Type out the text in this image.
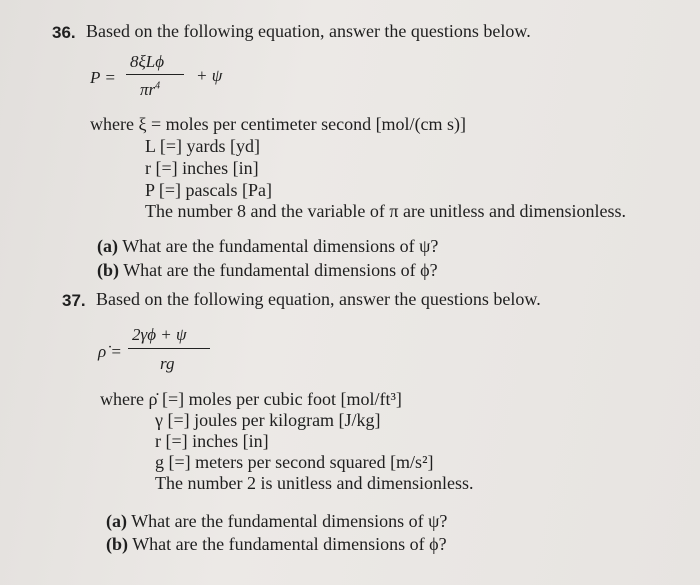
36. Based on the following equation, answer the questions below.
P =
8ξLϕ
$\pi r^4$
+ ψ
where ξ = moles per centimeter second [mol/(cm s)]
L [=] yards [yd]
r [=] inches [in]
P [=] pascals [Pa]
The number 8 and the variable of π are unitless and dimensionless.
(a) What are the fundamental dimensions of ψ?
(b) What are the fundamental dimensions of ϕ?
37. Based on the following equation, answer the questions below.
ρ̇ =
2γϕ + ψ
rg
where ρ̇ [=] moles per cubic foot [mol/ft³]
γ [=] joules per kilogram [J/kg]
r [=] inches [in]
g [=] meters per second squared [m/s²]
The number 2 is unitless and dimensionless.
(a) What are the fundamental dimensions of ψ?
(b) What are the fundamental dimensions of ϕ?
